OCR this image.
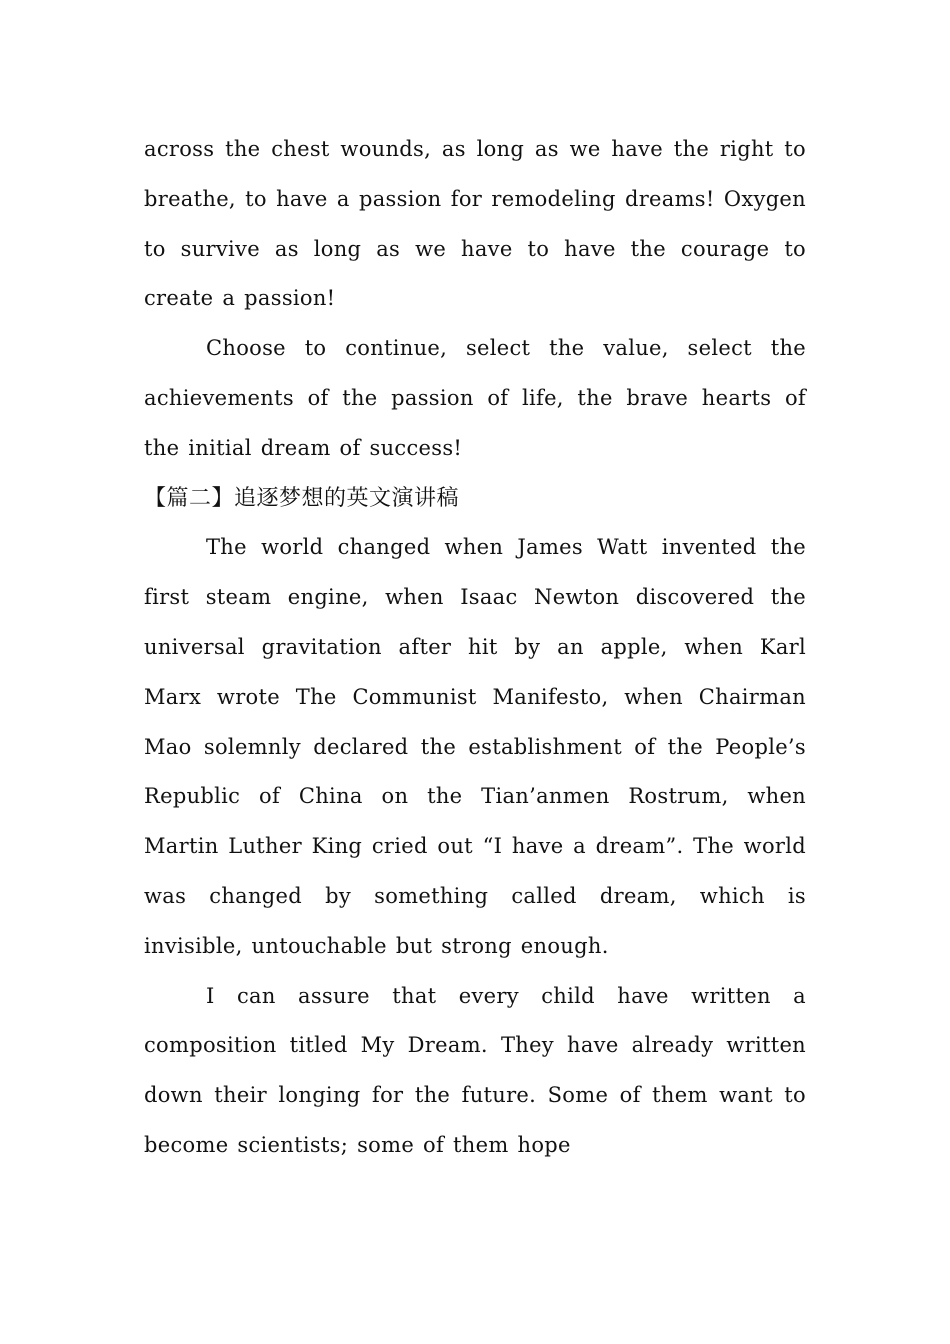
across the chest wounds, as long as we have the right to breathe, to have a passion for remodeling dreams! Oxygen to survive as long as we have to have the courage to create a passion!

Choose to continue, select the value, select the achievements of the passion of life, the brave hearts of the initial dream of success!

【篇二】追逐梦想的英文演讲稿

The world changed when James Watt invented the first steam engine, when Isaac Newton discovered the universal gravitation after hit by an apple, when Karl Marx wrote The Communist Manifesto, when Chairman Mao solemnly declared the establishment of the People’s Republic of China on the Tian’anmen Rostrum, when Martin Luther King cried out “I have a dream”. The world was changed by something called dream, which is invisible, untouchable but strong enough.

I can assure that every child have written a composition titled My Dream. They have already written down their longing for the future. Some of them want to become scientists; some of them hope
